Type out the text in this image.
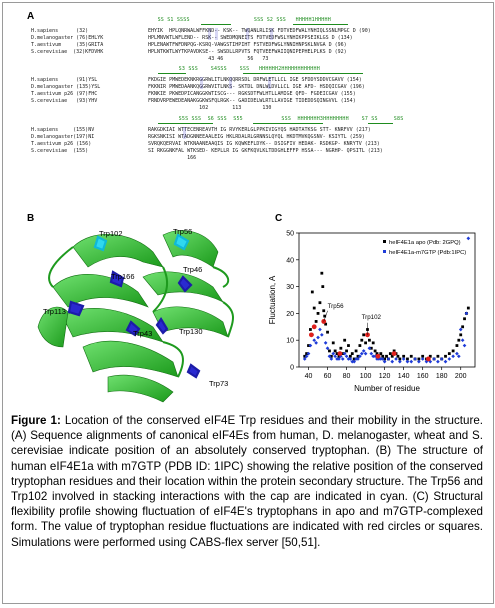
A	SS S1 SSSS                    SSS S2 SSS   HHHHH1HHHHH
H.sapiens      (32)	EHYIK  HPLQNRWALWFFKND-- KSK-- TWQANLRLISK FDTVEDFWALYNHIQLSSNLMPGC D (90)
D.melanogaster (76)EHLYK	HPLMNVWTLWFLEND-- RSK-- SWEDMQNEITS FDTVEDFWSLYNHIKPPSEIKLGS D (134)
T.aestivum     (35)GRITA	HPLENAWTFWFDNPQG-KSRQ-VAWGSTIHPIHT FSTVEDFWGLYNNIHNPSKLNVGA D (96)
S.cerevisiae  (32)KFDVHK	HPLNTKWTLWYTKPAVDKSE-- SWSDLLRPVTS FQTVEEFWAIIQNIPEPHELPLKS D (92)
43 46        56   73
S3 SSS    S4SSS    SSS   HHHHHH2HHHHHHHHHHHH
H.sapiens      (91)YSL	FKDGIE PMWEDEKNKRGGRWLITLNKQQRRSDL DRFWLETLLCL IGE SFDDYSDDVCGAVV (154)
D.melanogaster (135)YSL	FKKNIR PMWEDAANKQGGRWVITLNKS- SKTDL DNLWLDVLLCL IGE AFD- HSDQICGAV (196)
T.aestivum p26 (97)FHC	FKNKIE PKWEDPICANGGKWTISCG--- RGKSDTFWLHTLLAMIGE QFD- FGDEICGAV (155)
S.cerevisiae   (93)YHV	FRNDVRPEWEDEANAKGGKWSFQLRGK-- GADIDELWLRTLLAVIGE TIDEDDSQINGVVL (154)
102        113       130
S5S SSS  S6 SSS  S55            SSS  HHHHHHH3HHHHHHHH    S7 SS     S8S
H.sapiens     (155)NV	RAKGDKIAI WTTECENREAVTH IG RVYKERLGLPPKIVIGYQS HADTATKSG STT- KNRFVV (217)
D.melanogaster(197)NI	RGKSNKISI WTADGNNEEAALEIG HKLRDALRLGRNNSLQYQL HKDTMVKQGSNV- KSIYTL (259)
T.aestivum p26 (156)	SVRQKQERVAI WTKNAANEAAQIS IG KQWKEFLDYK-- DSIGFIV HEDAK- RSDKGP- KNRYTV (213)
S.cerevisiae  (155)	SI RKGGNKFAL WTKSED- KEPLLR IG GKFKQVLKLTDDGHLEFFP HSSA--- NGRHP- QPSITL (213)
166
B
Trp102	Trp56
Trp166
Trp46
Trp113
Trp43	Trp130
Trp73
C
0
10
20
30
40
50
40 60 80 100 120 140 160 180 200
Number of residue
Fluctuation, A
heIF4E1a apo (Pdb: 2GPQ)
heIF4E1a-m7GTP (Pdb:1IPC)
Trp56
Trp102
Figure 1: Location of the conserved eIF4E Trp residues and their mobility in the structure. (A) Sequence alignments of canonical eIF4Es from human, D. melanogaster, wheat and S. cerevisiae indicate position of an absolutely conserved tryptophan. (B) The structure of human eIF4E1a with m7GTP (PDB ID: 1IPC) showing the relative position of the conserved tryptophan residues and their location within the protein secondary structure. The Trp56 and Trp102 involved in stacking interactions with the cap are indicated in cyan. (C) Structural flexibility profile showing fluctuation of eIF4E's tryptophans in apo and m7GTP-complexed form. The value of tryptophan residue fluctuations are indicated with red circles or squares. Simulations were performed using CABS-flex server [50,51].
